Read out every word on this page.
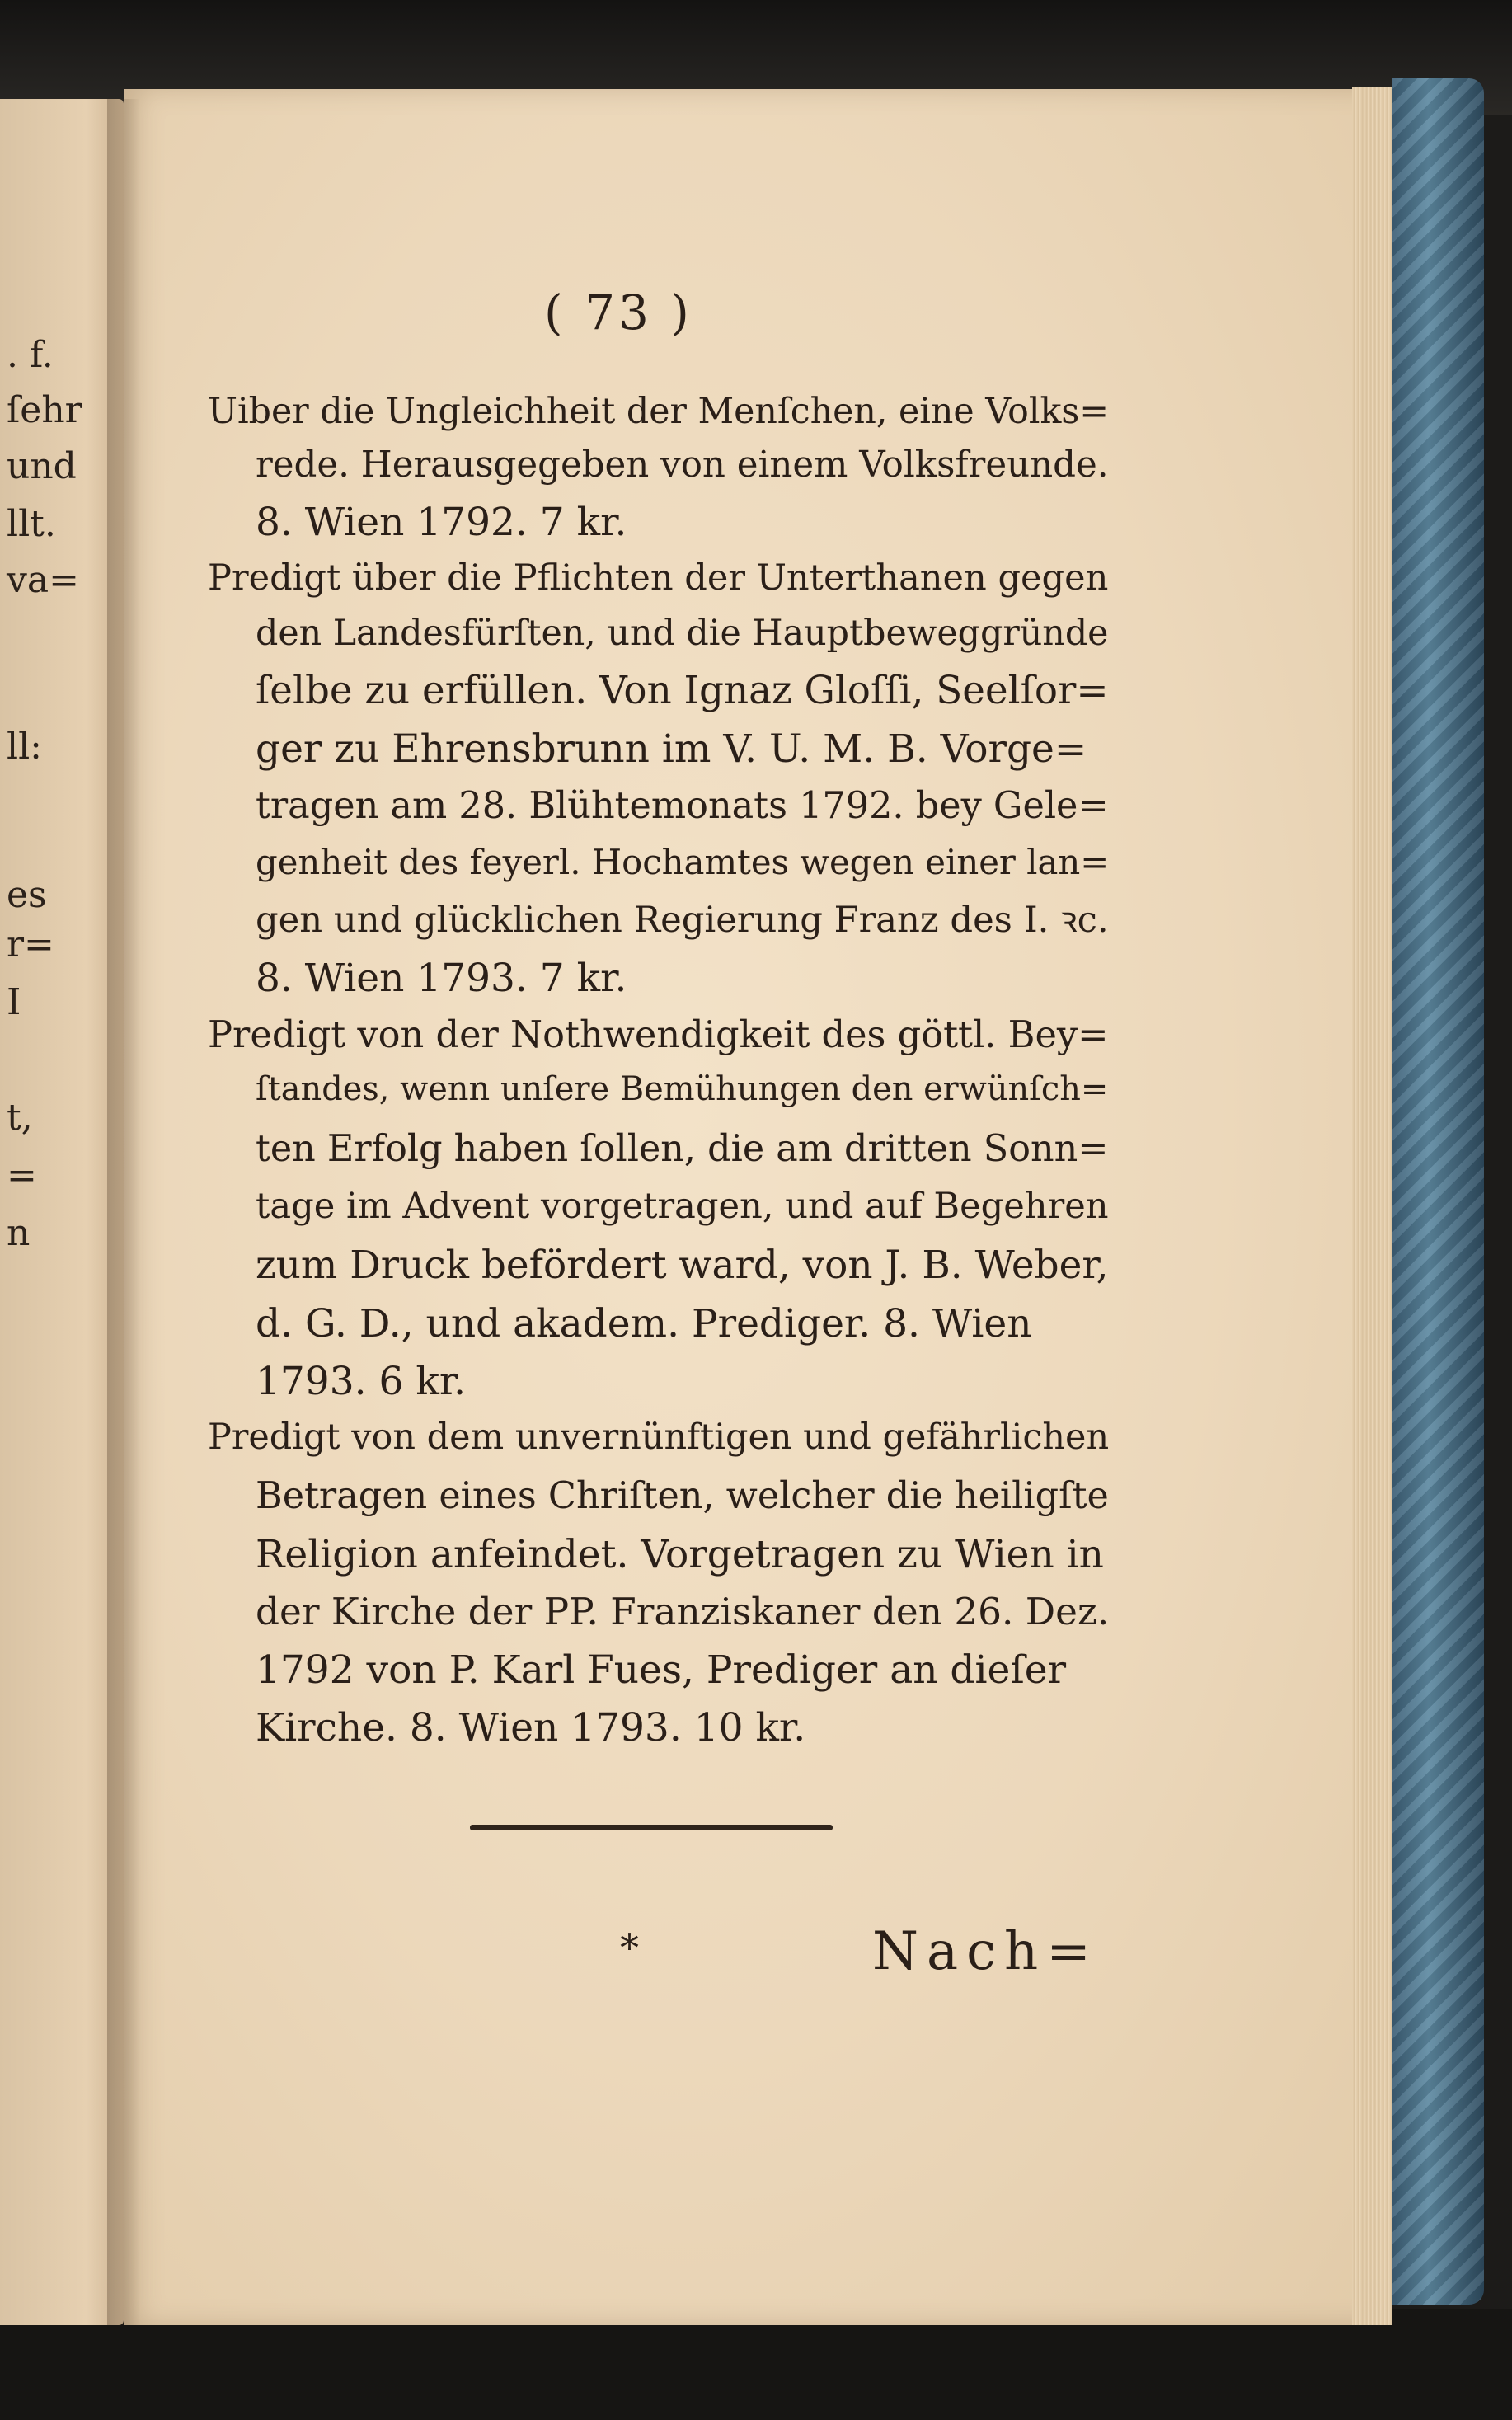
. f.
ſehr
und
llt.
va=
ll:
es
r=
I
t,
=
n
( 73 )
Uiber die Ungleichheit der Menſchen, eine Volks=
rede. Herausgegeben von einem Volksfreunde.
8. Wien 1792. 7 kr.
Predigt über die Pflichten der Unterthanen gegen
den Landesfürſten, und die Hauptbeweggründe
ſelbe zu erfüllen. Von Ignaz Gloſſi, Seelſor=
ger zu Ehrensbrunn im V. U. M. B. Vorge=
tragen am 28. Blühtemonats 1792. bey Gele=
genheit des feyerl. Hochamtes wegen einer lan=
gen und glücklichen Regierung Franz des I. ꝛc.
8. Wien 1793. 7 kr.
Predigt von der Nothwendigkeit des göttl. Bey=
ſtandes, wenn unſere Bemühungen den erwünſch=
ten Erfolg haben ſollen, die am dritten Sonn=
tage im Advent vorgetragen, und auf Begehren
zum Druck befördert ward, von J. B. Weber,
d. G. D., und akadem. Prediger. 8. Wien
1793. 6 kr.
Predigt von dem unvernünftigen und gefährlichen
Betragen eines Chriſten, welcher die heiligſte
Religion anfeindet. Vorgetragen zu Wien in
der Kirche der PP. Franziskaner den 26. Dez.
1792 von P. Karl Fues, Prediger an dieſer
Kirche. 8. Wien 1793. 10 kr.
*	Nach=
